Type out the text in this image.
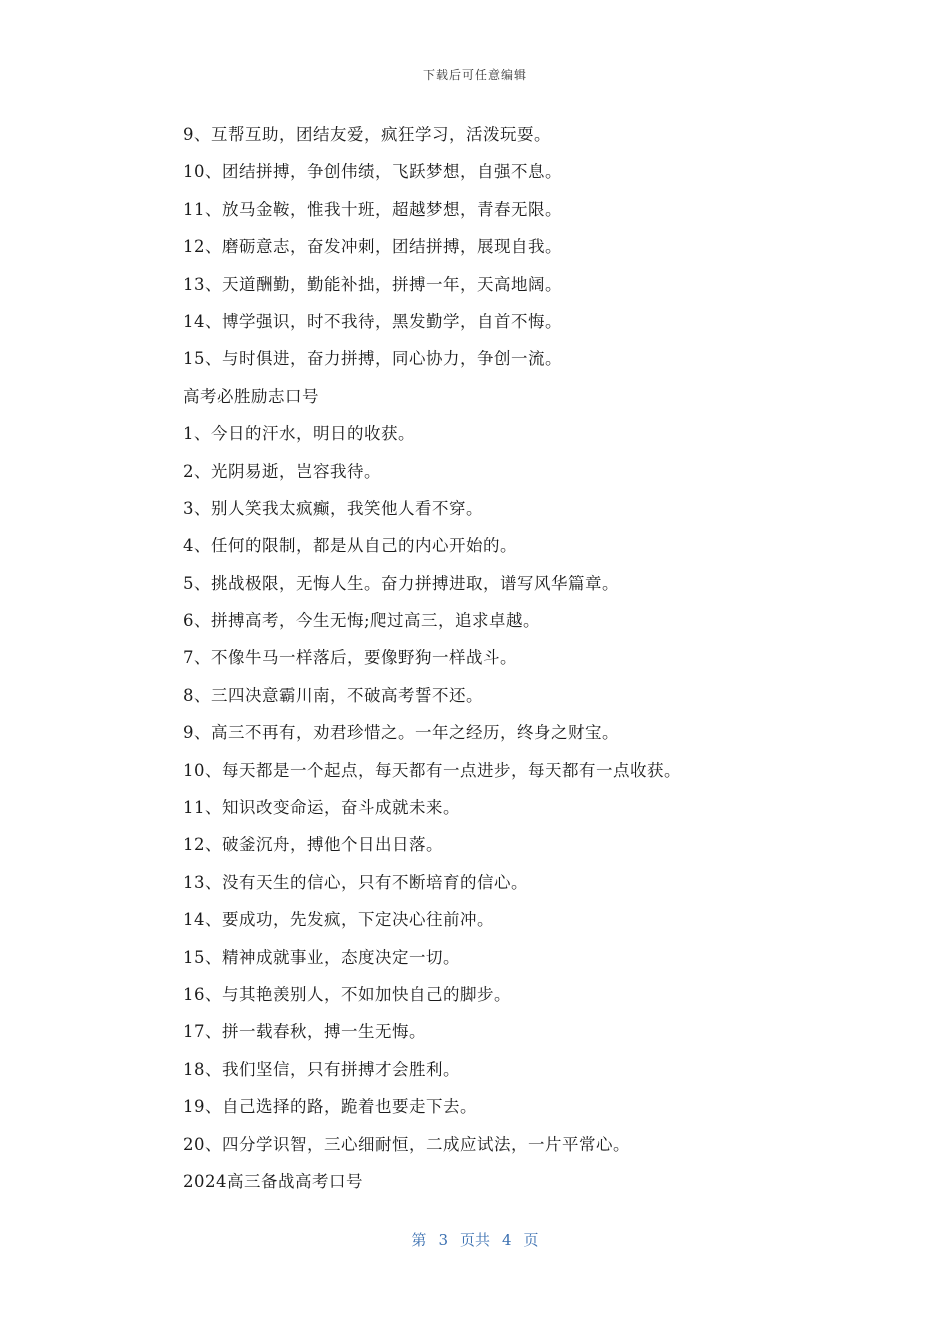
下载后可任意编辑
9、互帮互助，团结友爱，疯狂学习，活泼玩耍。
10、团结拼搏，争创伟绩，飞跃梦想，自强不息。
11、放马金鞍，惟我十班，超越梦想，青春无限。
12、磨砺意志，奋发冲刺，团结拼搏，展现自我。
13、天道酬勤，勤能补拙，拼搏一年，天高地阔。
14、博学强识，时不我待，黑发勤学，自首不悔。
15、与时俱进，奋力拼搏，同心协力，争创一流。
高考必胜励志口号
1、今日的汗水，明日的收获。
2、光阴易逝，岂容我待。
3、别人笑我太疯癫，我笑他人看不穿。
4、任何的限制，都是从自己的内心开始的。
5、挑战极限，无悔人生。奋力拼搏进取，谱写风华篇章。
6、拼搏高考，今生无悔;爬过高三，追求卓越。
7、不像牛马一样落后，要像野狗一样战斗。
8、三四决意霸川南，不破高考誓不还。
9、高三不再有，劝君珍惜之。一年之经历，终身之财宝。
10、每天都是一个起点，每天都有一点进步，每天都有一点收获。
11、知识改变命运，奋斗成就未来。
12、破釜沉舟，搏他个日出日落。
13、没有天生的信心，只有不断培育的信心。
14、要成功，先发疯，下定决心往前冲。
15、精神成就事业，态度决定一切。
16、与其艳羡别人，不如加快自己的脚步。
17、拼一载春秋，搏一生无悔。
18、我们坚信，只有拼搏才会胜利。
19、自己选择的路，跪着也要走下去。
20、四分学识智，三心细耐恒，二成应试法，一片平常心。
2024高三备战高考口号
第 3 页共 4 页
